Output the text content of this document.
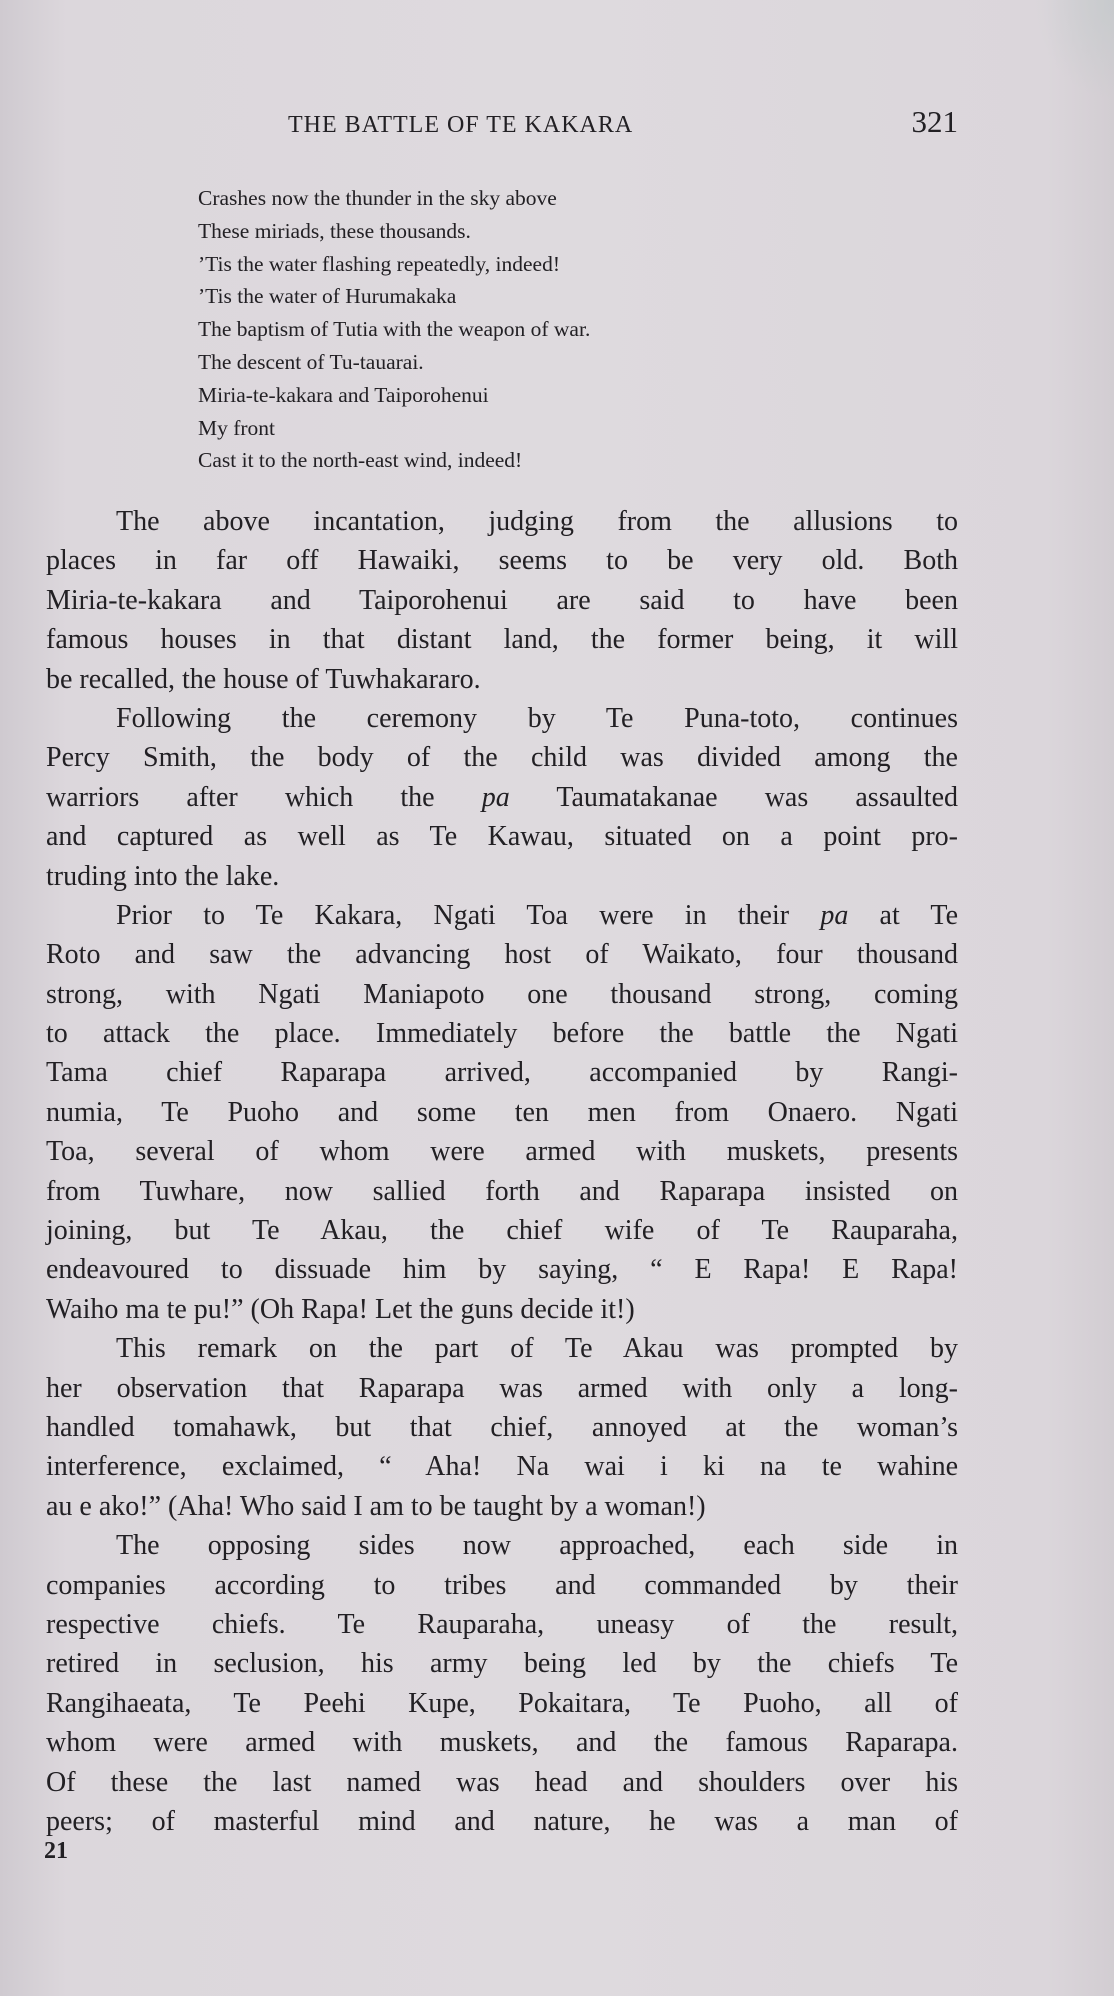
THE BATTLE OF TE KAKARA	321
Crashes now the thunder in the sky above
These miriads, these thousands.
’Tis the water flashing repeatedly, indeed!
’Tis the water of Hurumakaka
The baptism of Tutia with the weapon of war.
The descent of Tu-tauarai.
Miria-te-kakara and Taiporohenui
My front
Cast it to the north-east wind, indeed!
The above incantation, judging from the allusions to
places in far off Hawaiki, seems to be very old. Both
Miria-te-kakara and Taiporohenui are said to have been
famous houses in that distant land, the former being, it will
be recalled, the house of Tuwhakararo.
Following the ceremony by Te Puna-toto, continues
Percy Smith, the body of the child was divided among the
warriors after which the pa Taumatakanae was assaulted
and captured as well as Te Kawau, situated on a point pro-
truding into the lake.
Prior to Te Kakara, Ngati Toa were in their pa at Te
Roto and saw the advancing host of Waikato, four thousand
strong, with Ngati Maniapoto one thousand strong, coming
to attack the place. Immediately before the battle the Ngati
Tama chief Raparapa arrived, accompanied by Rangi-
numia, Te Puoho and some ten men from Onaero. Ngati
Toa, several of whom were armed with muskets, presents
from Tuwhare, now sallied forth and Raparapa insisted on
joining, but Te Akau, the chief wife of Te Rauparaha,
endeavoured to dissuade him by saying, “ E Rapa! E Rapa!
Waiho ma te pu!” (Oh Rapa! Let the guns decide it!)
This remark on the part of Te Akau was prompted by
her observation that Raparapa was armed with only a long-
handled tomahawk, but that chief, annoyed at the woman’s
interference, exclaimed, “ Aha! Na wai i ki na te wahine
au e ako!” (Aha! Who said I am to be taught by a woman!)
The opposing sides now approached, each side in
companies according to tribes and commanded by their
respective chiefs. Te Rauparaha, uneasy of the result,
retired in seclusion, his army being led by the chiefs Te
Rangihaeata, Te Peehi Kupe, Pokaitara, Te Puoho, all of
whom were armed with muskets, and the famous Raparapa.
Of these the last named was head and shoulders over his
peers; of masterful mind and nature, he was a man of
21
